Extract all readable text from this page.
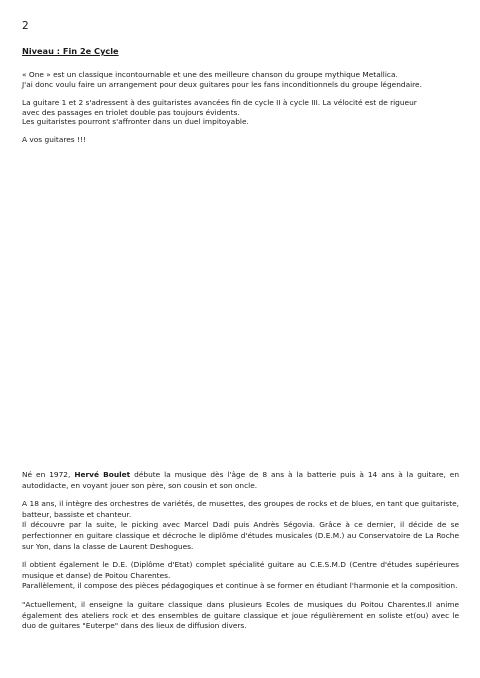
2
Niveau : Fin 2e Cycle

« One » est un classique incontournable et une des meilleure chanson du groupe mythique Metallica.
J'ai donc voulu faire un arrangement pour deux guitares pour les fans inconditionnels du groupe légendaire.

La guitare 1 et 2 s'adressent à des guitaristes avancées fin de cycle II à cycle III. La vélocité est de rigueur
avec des passages en triolet double pas toujours évidents.
Les guitaristes pourront s'affronter dans un duel impitoyable.

A vos guitares !!!

Né en 1972, Hervé Boulet débute la musique dès l'âge de 8 ans à la batterie puis à 14 ans à la guitare, en autodidacte, en voyant jouer son père, son cousin et son oncle.

A 18 ans, il intègre des orchestres de variétés, de musettes, des groupes de rocks et de blues, en tant que guitariste, batteur, bassiste et chanteur.
Il découvre par la suite, le picking avec Marcel Dadi puis Andrès Ségovia. Grâce à ce dernier, il décide de se perfectionner en guitare classique et décroche le diplôme d'études musicales (D.E.M.) au Conservatoire de La Roche sur Yon, dans la classe de Laurent Deshogues.

Il obtient également le D.E. (Diplôme d'Etat) complet spécialité guitare au C.E.S.M.D (Centre d'études supérieures musique et danse) de Poitou Charentes.
Parallèlement, il compose des pièces pédagogiques et continue à se former en étudiant l'harmonie et la composition.

"Actuellement, il enseigne la guitare classique dans plusieurs Ecoles de musiques du Poitou Charentes.Il anime également des ateliers rock et des ensembles de guitare classique et joue régulièrement en soliste et(ou) avec le duo de guitares "Euterpe" dans des lieux de diffusion divers.
